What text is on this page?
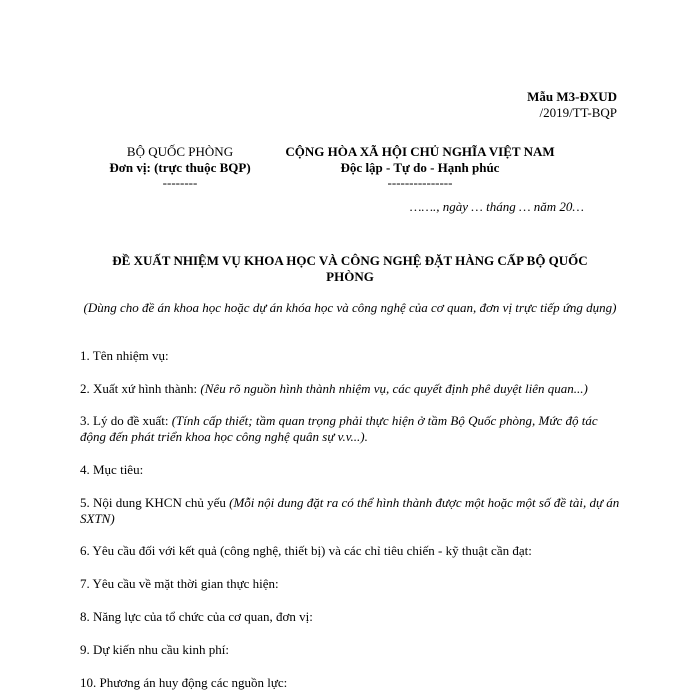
Mẫu M3-ĐXUD
/2019/TT-BQP
BỘ QUỐC PHÒNG
Đơn vị: (trực thuộc BQP)
--------
CỘNG HÒA XÃ HỘI CHỦ NGHĨA VIỆT NAM
Độc lập - Tự do - Hạnh phúc
---------------
……., ngày … tháng … năm 20…
ĐỀ XUẤT NHIỆM VỤ KHOA HỌC VÀ CÔNG NGHỆ ĐẶT HÀNG CẤP BỘ QUỐC PHÒNG
(Dùng cho đề án khoa học hoặc dự án khóa học và công nghệ của cơ quan, đơn vị trực tiếp ứng dụng)
1. Tên nhiệm vụ:
2. Xuất xứ hình thành: (Nêu rõ nguồn hình thành nhiệm vụ, các quyết định phê duyệt liên quan...)
3. Lý do đề xuất: (Tính cấp thiết; tầm quan trọng phải thực hiện ở tầm Bộ Quốc phòng, Mức độ tác động đến phát triển khoa học công nghệ quân sự v.v...).
4. Mục tiêu:
5. Nội dung KHCN chủ yếu (Mỗi nội dung đặt ra có thể hình thành được một hoặc một số đề tài, dự án SXTN)
6. Yêu cầu đối với kết quả (công nghệ, thiết bị) và các chỉ tiêu chiến - kỹ thuật cần đạt:
7. Yêu cầu về mặt thời gian thực hiện:
8. Năng lực của tổ chức của cơ quan, đơn vị:
9. Dự kiến nhu cầu kinh phí:
10. Phương án huy động các nguồn lực:
